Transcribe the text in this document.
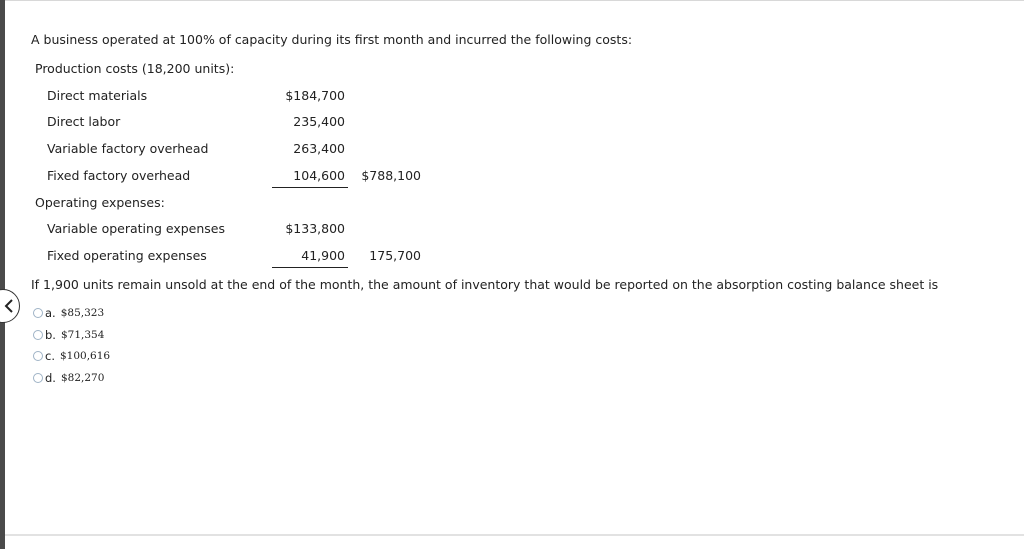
A business operated at 100% of capacity during its first month and incurred the following costs:
Production costs (18,200 units):
Direct materials	$184,700
Direct labor	235,400
Variable factory overhead	263,400
Fixed factory overhead	104,600 $788,100
Operating expenses:
Variable operating expenses	$133,800
Fixed operating expenses	41,900 175,700
If 1,900 units remain unsold at the end of the month, the amount of inventory that would be reported on the absorption costing balance sheet is
a. $85,323
b. $71,354
c. $100,616
d. $82,270
